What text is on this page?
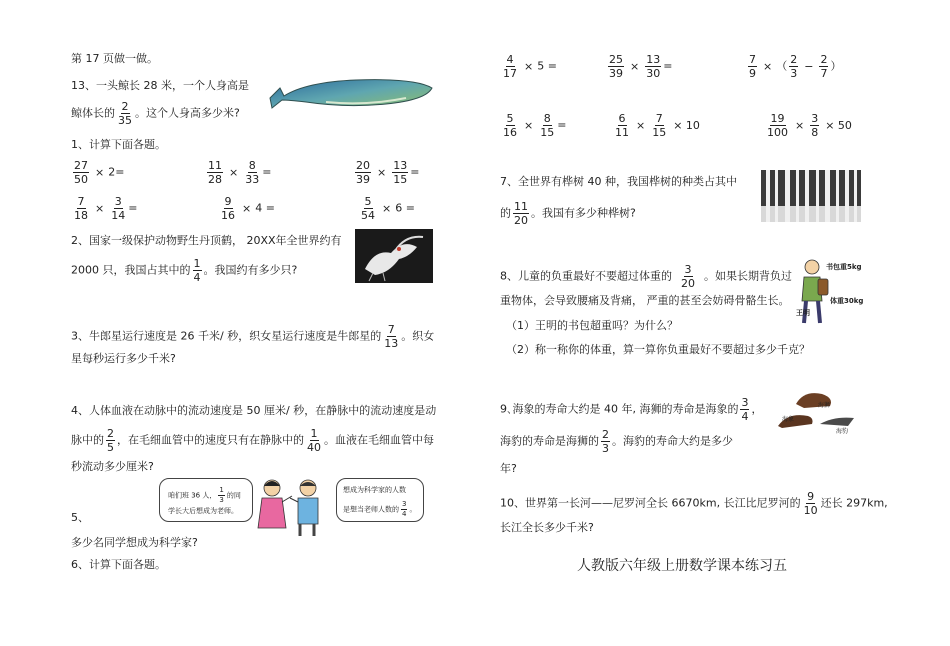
第 17 页做一做。
13、一头鲸长 28 米，一个人身高是
鲸体长的 $\frac{2}{35}$ 。这个人身高多少米?
1、计算下面各题。
$\frac{27}{50} \times 2=$	$\frac{11}{28} \times \frac{8}{33}$ =	$\frac{20}{39} \times \frac{13}{15}$ =
$\frac{7}{18} \times \frac{3}{14}$ =	$\frac{9}{16} \times 4$ =	$\frac{5}{54} \times 6$ =
2、国家一级保护动物野生丹顶鹤， 20XX年全世界约有
2000 只，我国占其中的 $\frac{1}{4}$ 。我国约有多少只?
3、牛郎星运行速度是 26 千米/ 秒，织女星运行速度是牛郎星的 $\frac{7}{13}$ 。织女
星每秒运行多少千米?
4、人体血液在动脉中的流动速度是 50 厘米/ 秒，在静脉中的流动速度是动
脉中的 $\frac{2}{5}$ ，在毛细血管中的速度只有在静脉中的 $\frac{1}{40}$ 。血液在毛细血管中每
秒流动多少厘米?
咱们班 36 人， $\frac{1}{3}$ 的同
学长大后想成为老师。
想成为科学家的人数
是想当老师人数的 $\frac{3}{4}$ 。
5、
多少名同学想成为科学家?
6、计算下面各题。
$\frac{4}{17} \times 5$ =	$\frac{25}{39} \times \frac{13}{30}$ =	$\frac{7}{9}$ × （ $\frac{2}{3} - \frac{2}{7}$ ）
$\frac{5}{16} \times \frac{8}{15}$ =	$\frac{6}{11} \times \frac{7}{15} \times 10$	$\frac{19}{100} \times \frac{3}{8} \times 50$
7、全世界有桦树 40 种，我国桦树的种类占其中
的 $\frac{11}{20}$ 。我国有多少种桦树?
8、儿童的负重最好不要超过体重的 $\frac{3}{20}$ 。如果长期背负过
重物体，会导致腰痛及背痛， 严重的甚至会妨碍骨骼生长。
（1）王明的书包超重吗？为什么？
（2）称一称你的体重，算一算你负重最好不要超过多少千克？
书包重5kg
体重30kg
王明
9､海象的寿命大约是 40 年, 海狮的寿命是海象的 $\frac{3}{4}$ ，
海豹的寿命是海狮的 $\frac{2}{3}$ 。海豹的寿命大约是多少
年?
海狮
海象
海豹
10、世界第一长河——尼罗河全长 6670km, 长江比尼罗河的 $\frac{9}{10}$ 还长 297km,
长江全长多少千米?
人教版六年级上册数学课本练习五
